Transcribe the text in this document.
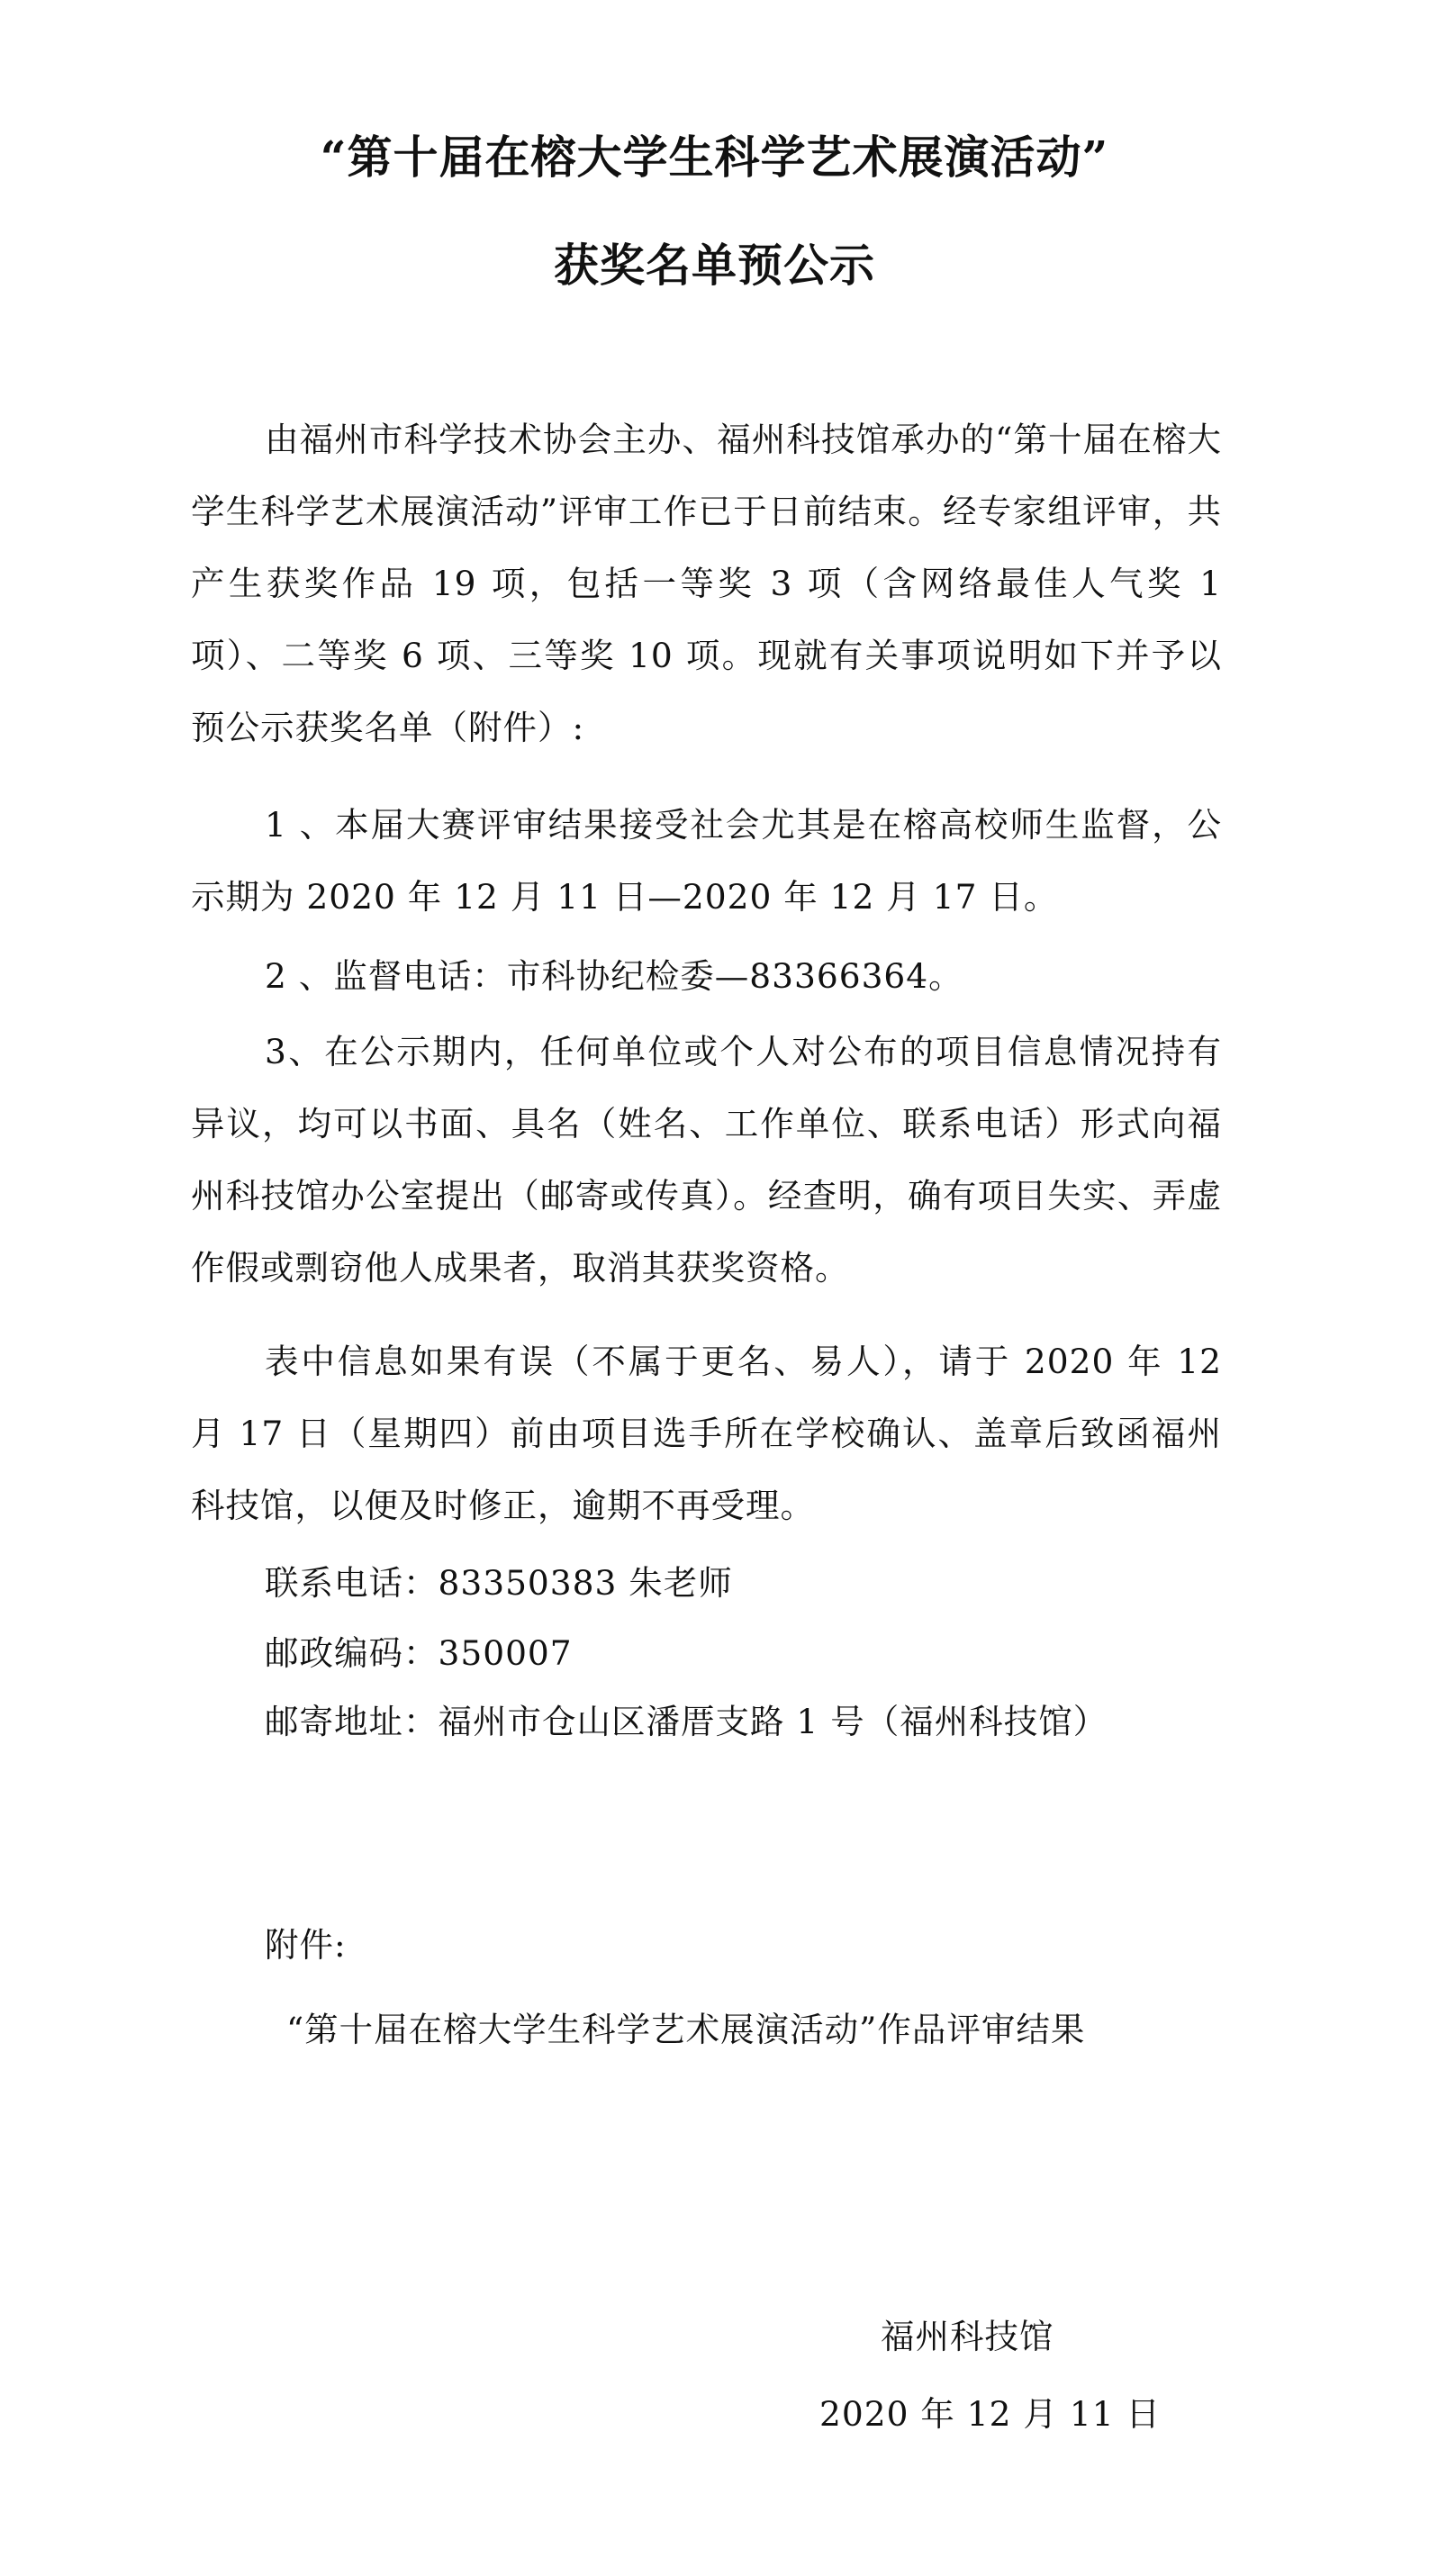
“第十届在榕大学生科学艺术展演活动”
获奖名单预公示
由福州市科学技术协会主办、福州科技馆承办的“第十届在榕大学生科学艺术展演活动”评审工作已于日前结束。经专家组评审，共产生获奖作品 19 项，包括一等奖 3 项（含网络最佳人气奖 1 项）、二等奖 6 项、三等奖 10 项。现就有关事项说明如下并予以预公示获奖名单（附件）:
1 、本届大赛评审结果接受社会尤其是在榕高校师生监督，公示期为 2020 年 12 月 11 日—2020 年 12 月 17 日。
2 、监督电话：市科协纪检委—83366364。
3、在公示期内，任何单位或个人对公布的项目信息情况持有异议，均可以书面、具名（姓名、工作单位、联系电话）形式向福州科技馆办公室提出（邮寄或传真）。经查明，确有项目失实、弄虚作假或剽窃他人成果者，取消其获奖资格。
表中信息如果有误（不属于更名、易人），请于 2020 年 12 月 17 日（星期四）前由项目选手所在学校确认、盖章后致函福州科技馆，以便及时修正，逾期不再受理。
联系电话：83350383 朱老师
邮政编码：350007
邮寄地址：福州市仓山区潘厝支路 1 号（福州科技馆）
附件:
“第十届在榕大学生科学艺术展演活动”作品评审结果
福州科技馆
2020 年 12 月 11 日
